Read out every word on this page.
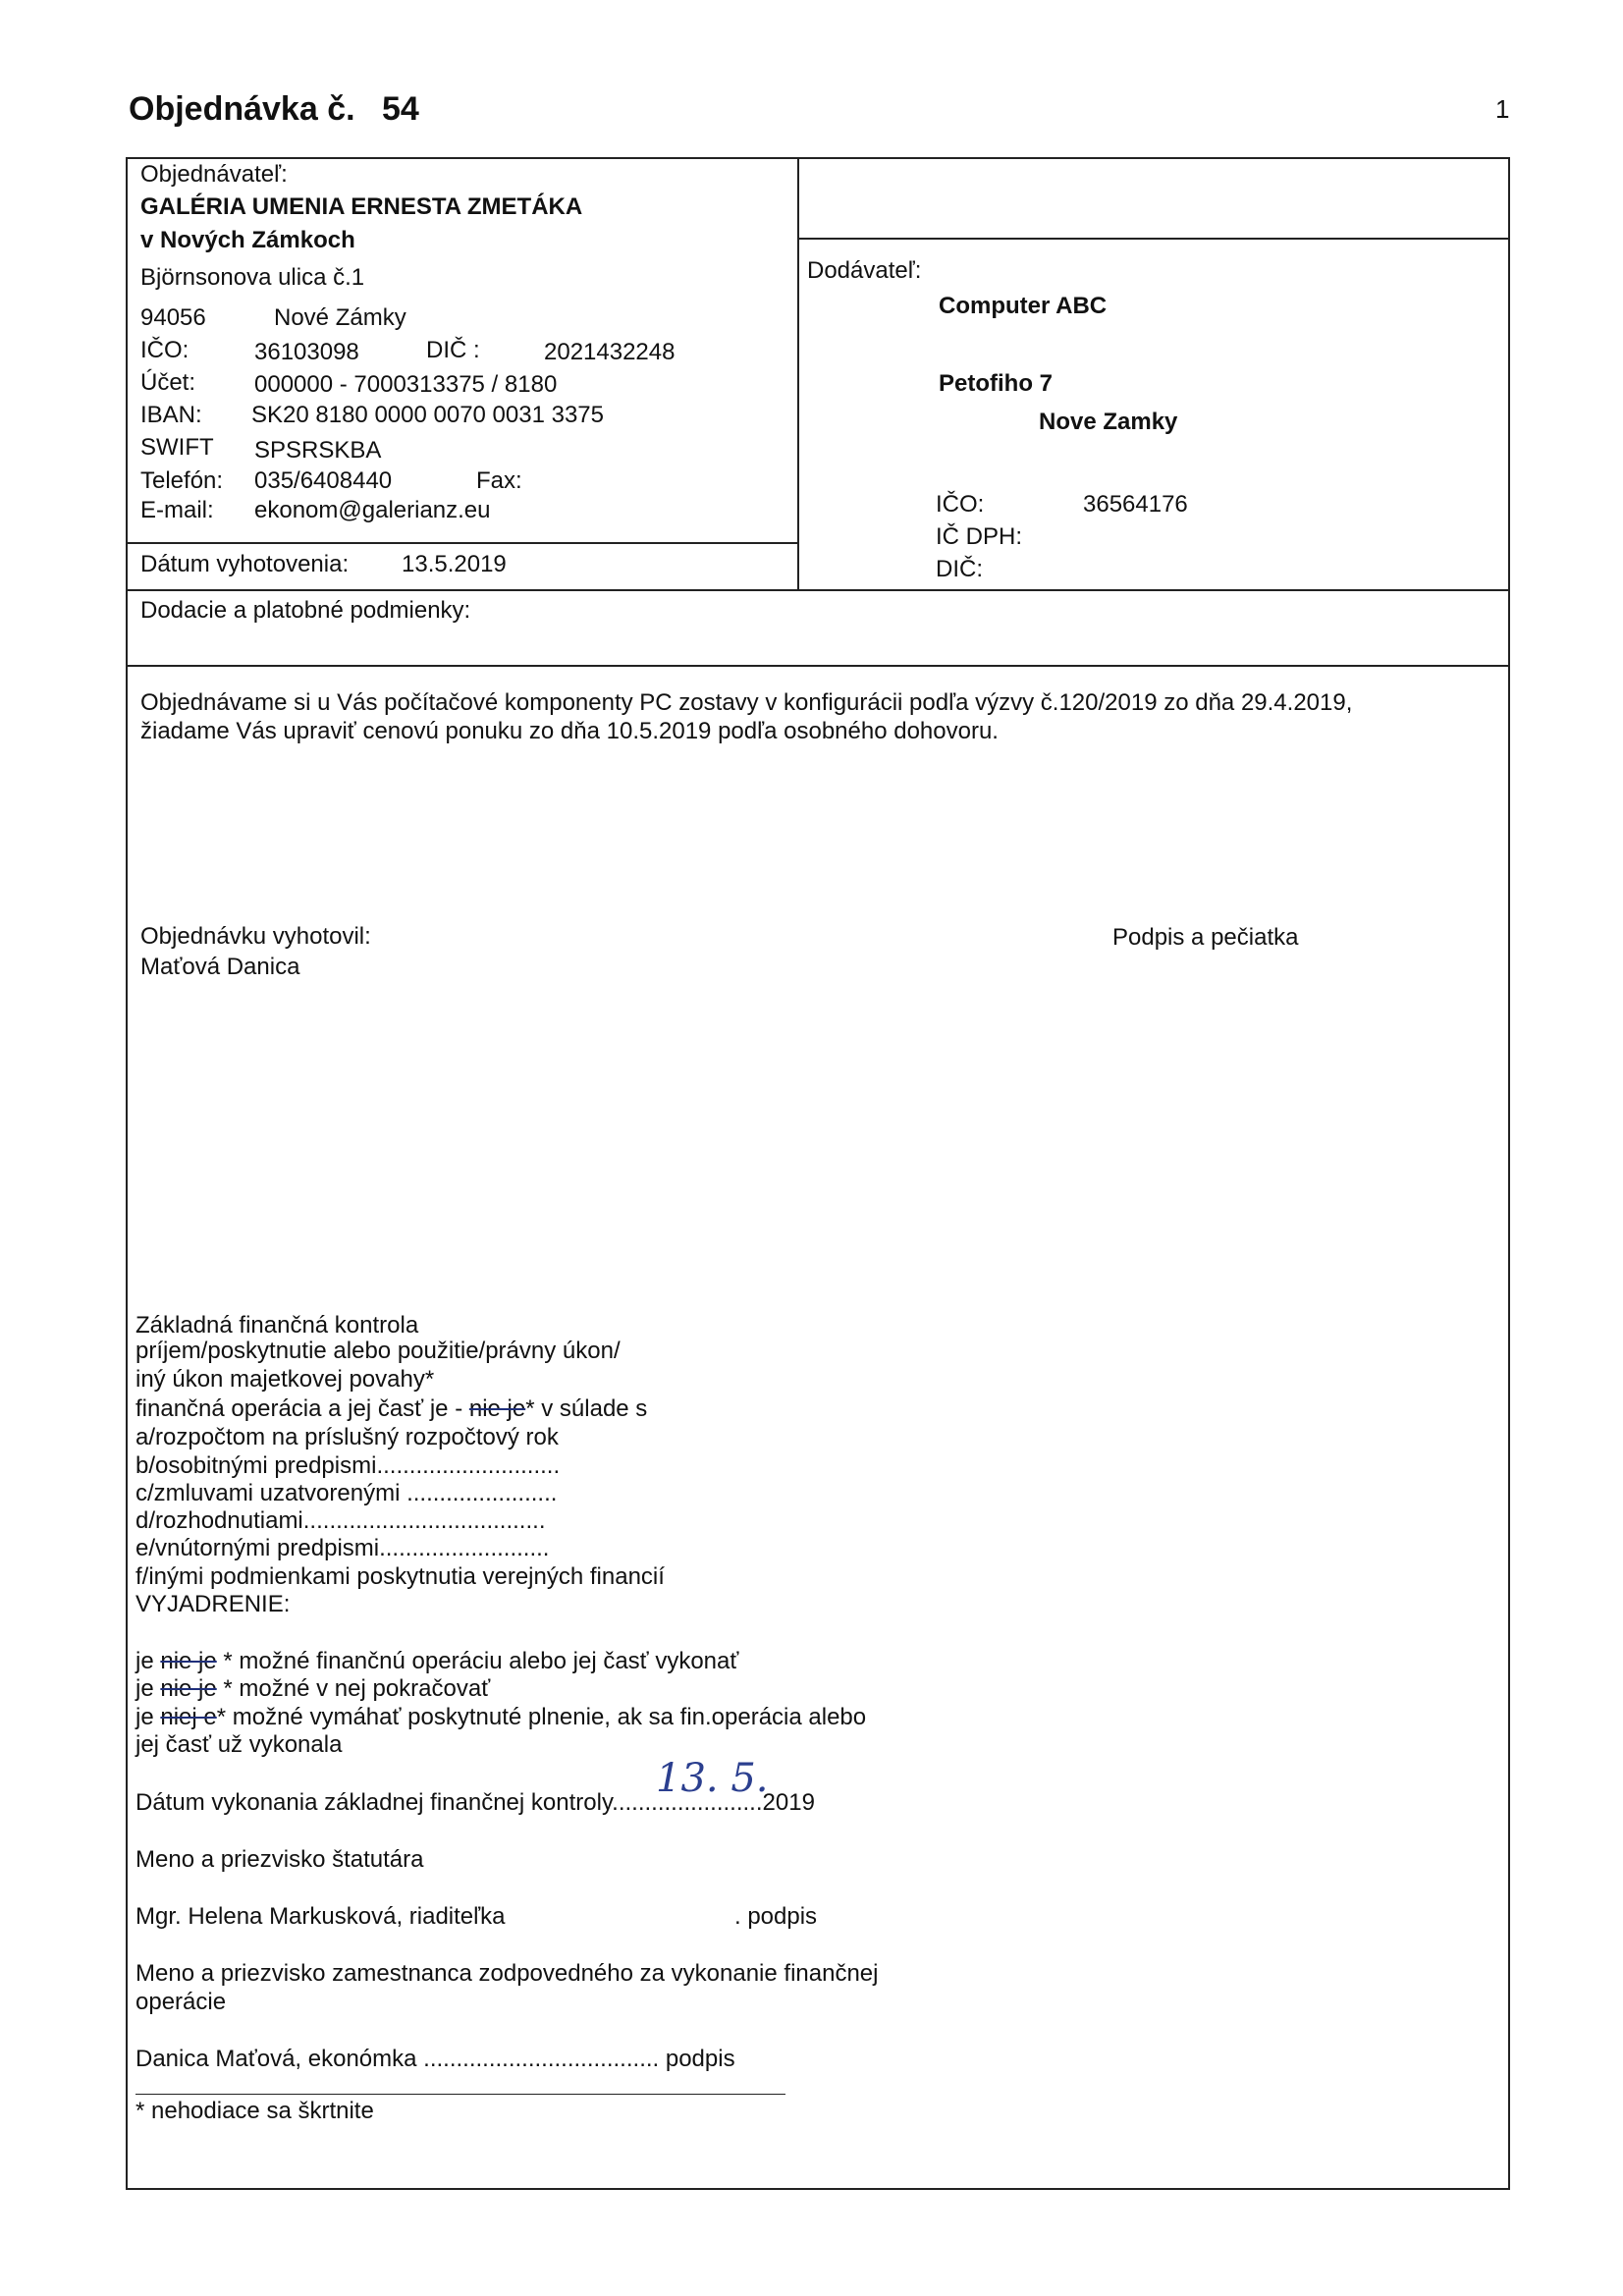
Objednávka č. 54	1
Objednávateľ:
GALÉRIA UMENIA ERNESTA ZMETÁKA
v Nových Zámkoch
Björnsonova ulica č.1
94056	Nové Zámky
IČO:	36103098	DIČ :	2021432248
Účet: 000000 - 7000313375 / 8180
IBAN: SK20 8180 0000 0070 0031 3375
SWIFT SPSRSKBA
Telefón: 035/6408440	Fax:
E-mail: ekonom@galerianz.eu
Dátum vyhotovenia: 13.5.2019
Dodávateľ:
Computer ABC
Petofiho 7
Nove Zamky
IČO:	36564176
IČ DPH:
DIČ:
Dodacie a platobné podmienky:
Objednávame si u Vás počítačové komponenty PC zostavy v konfigurácii podľa výzvy č.120/2019 zo dňa 29.4.2019,
žiadame Vás upraviť cenovú ponuku zo dňa 10.5.2019 podľa osobného dohovoru.
Objednávku vyhotovil:
Maťová Danica
Podpis a pečiatka
Základná finančná kontrola
príjem/poskytnutie alebo použitie/právny úkon/
iný úkon majetkovej povahy*
finančná operácia a jej časť je - nie je* v súlade s
a/rozpočtom na príslušný rozpočtový rok
b/osobitnými predpismi............................
c/zmluvami uzatvorenými .......................
d/rozhodnutiami.....................................
e/vnútornými predpismi..........................
f/inými podmienkami poskytnutia verejných financií
VYJADRENIE:
je nie je * možné finančnú operáciu alebo jej časť vykonať
je nie je * možné v nej pokračovať
je niej e* možné vymáhať poskytnuté plnenie, ak sa fin.operácia alebo
jej časť už vykonala
Dátum vykonania základnej finančnej kontroly.......................2019
13. 5.
Meno a priezvisko štatutára
Mgr. Helena Markusková, riaditeľka	. podpis
Meno a priezvisko zamestnanca zodpovedného za vykonanie finančnej
operácie
Danica Maťová, ekonómka .................................... podpis
* nehodiace sa škrtnite
